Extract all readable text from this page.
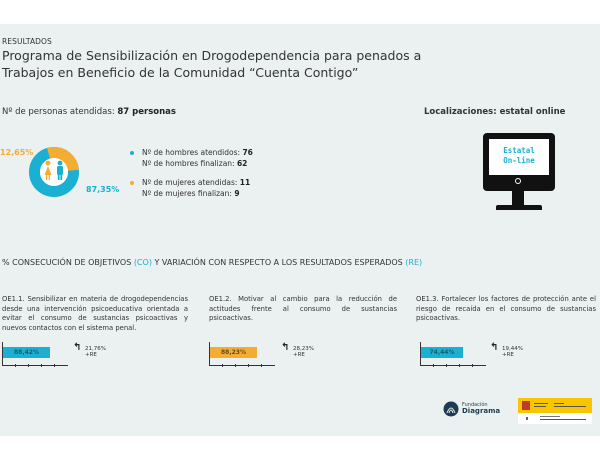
RESULTADOS
Programa de Sensibilización en Drogodependencia para penados a Trabajos en Beneficio de la Comunidad “Cuenta Contigo”
Nº de personas atendidas: 87 personas	Localizaciones: estatal online
12,65%
87,35%
Nº de hombres atendidos: 76
Nº de hombres finalizan: 62
Nº de mujeres atendidas: 11
Nº de mujeres finalizan: 9
Estatal
On-line
% CONSECUCIÓN DE OBJETIVOS (CO) Y VARIACIÓN CON RESPECTO A LOS RESULTADOS ESPERADOS (RE)
OE1.1. Sensibilizar en materia de drogodependencias desde una intervención psicoeducativa orientada a evitar el consumo de sustancias psicoactivas y nuevos contactos con el sistema penal.
88,42%	↰ 21,76%
+RE
OE1.2. Motivar al cambio para la reducción de actitudes frente al consumo de sustancias psicoactivas.
88,23%	↰ 28,23%
+RE
OE1.3. Fortalecer los factores de protección ante el riesgo de recaída en el consumo de sustancias psicoactivas.
74,44%	↰ 19,44%
+RE
Fundación
Diagrama
